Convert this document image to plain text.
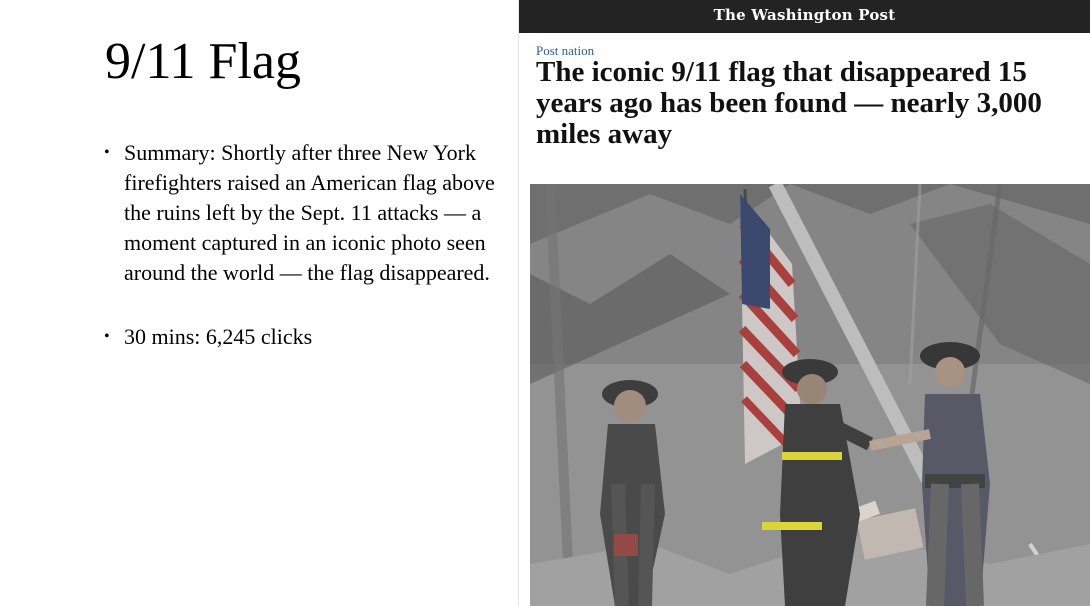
9/11 Flag
• Summary: Shortly after three New York firefighters raised an American flag above the ruins left by the Sept. 11 attacks — a moment captured in an iconic photo seen around the world — the flag disappeared.
• 30 mins: 6,245 clicks
The Washington Post
Post nation
The iconic 9/11 flag that disappeared 15 years ago has been found — nearly 3,000 miles away
